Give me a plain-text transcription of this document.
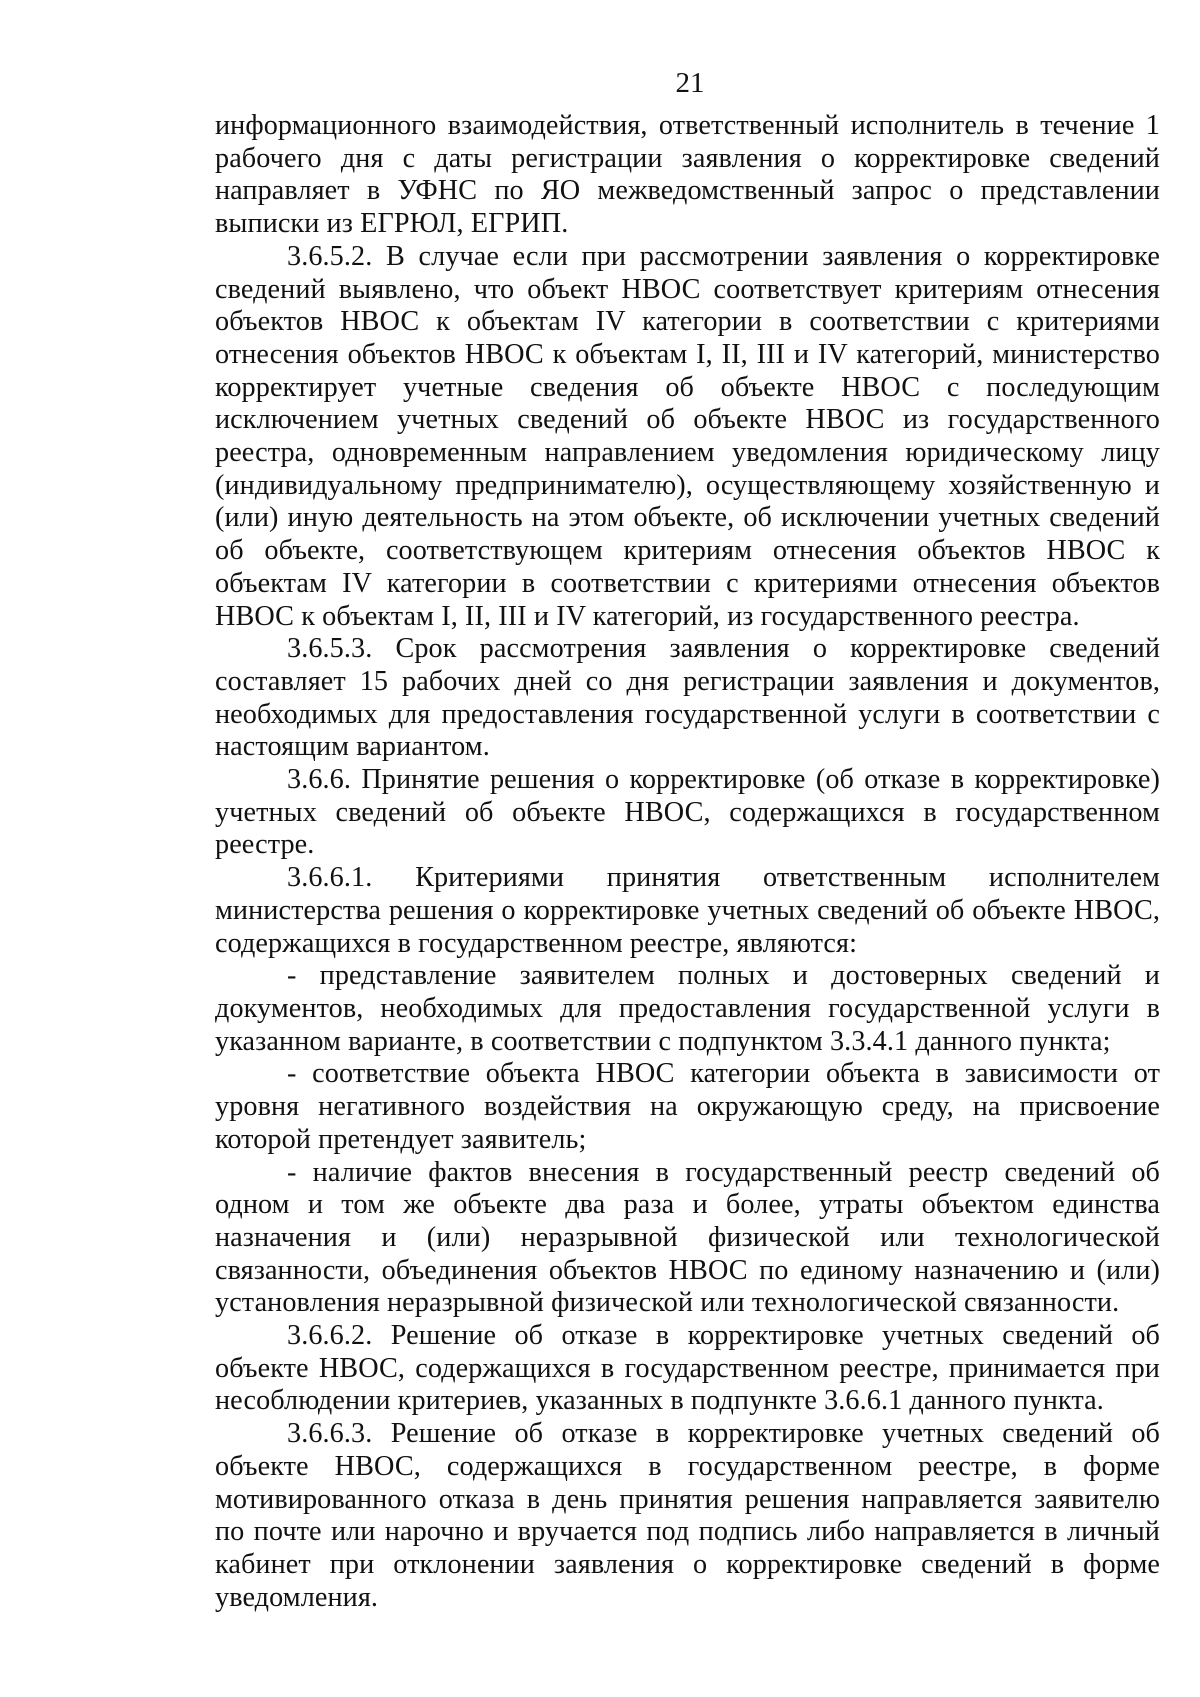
21

информационного взаимодействия, ответственный исполнитель в течение 1 рабочего дня с даты регистрации заявления о корректировке сведений направляет в УФНС по ЯО межведомственный запрос о представлении выписки из ЕГРЮЛ, ЕГРИП.

3.6.5.2. В случае если при рассмотрении заявления о корректировке сведений выявлено, что объект НВОС соответствует критериям отнесения объектов НВОС к объектам IV категории в соответствии с критериями отнесения объектов НВОС к объектам I, II, III и IV категорий, министерство корректирует учетные сведения об объекте НВОС с последующим исключением учетных сведений об объекте НВОС из государственного реестра, одновременным направлением уведомления юридическому лицу (индивидуальному предпринимателю), осуществляющему хозяйственную и (или) иную деятельность на этом объекте, об исключении учетных сведений об объекте, соответствующем критериям отнесения объектов НВОС к объектам IV категории в соответствии с критериями отнесения объектов НВОС к объектам I, II, III и IV категорий, из государственного реестра.

3.6.5.3. Срок рассмотрения заявления о корректировке сведений составляет 15 рабочих дней со дня регистрации заявления и документов, необходимых для предоставления государственной услуги в соответствии с настоящим вариантом.

3.6.6. Принятие решения о корректировке (об отказе в корректировке) учетных сведений об объекте НВОС, содержащихся в государственном реестре.

3.6.6.1. Критериями принятия ответственным исполнителем министерства решения о корректировке учетных сведений об объекте НВОС, содержащихся в государственном реестре, являются:

- представление заявителем полных и достоверных сведений и документов, необходимых для предоставления государственной услуги в указанном варианте, в соответствии с подпунктом 3.3.4.1 данного пункта;

- соответствие объекта НВОС категории объекта в зависимости от уровня негативного воздействия на окружающую среду, на присвоение которой претендует заявитель;

- наличие фактов внесения в государственный реестр сведений об одном и том же объекте два раза и более, утраты объектом единства назначения и (или) неразрывной физической или технологической связанности, объединения объектов НВОС по единому назначению и (или) установления неразрывной физической или технологической связанности.

3.6.6.2. Решение об отказе в корректировке учетных сведений об объекте НВОС, содержащихся в государственном реестре, принимается при несоблюдении критериев, указанных в подпункте 3.6.6.1 данного пункта.

3.6.6.3. Решение об отказе в корректировке учетных сведений об объекте НВОС, содержащихся в государственном реестре, в форме мотивированного отказа в день принятия решения направляется заявителю по почте или нарочно и вручается под подпись либо направляется в личный кабинет при отклонении заявления о корректировке сведений в форме уведомления.
